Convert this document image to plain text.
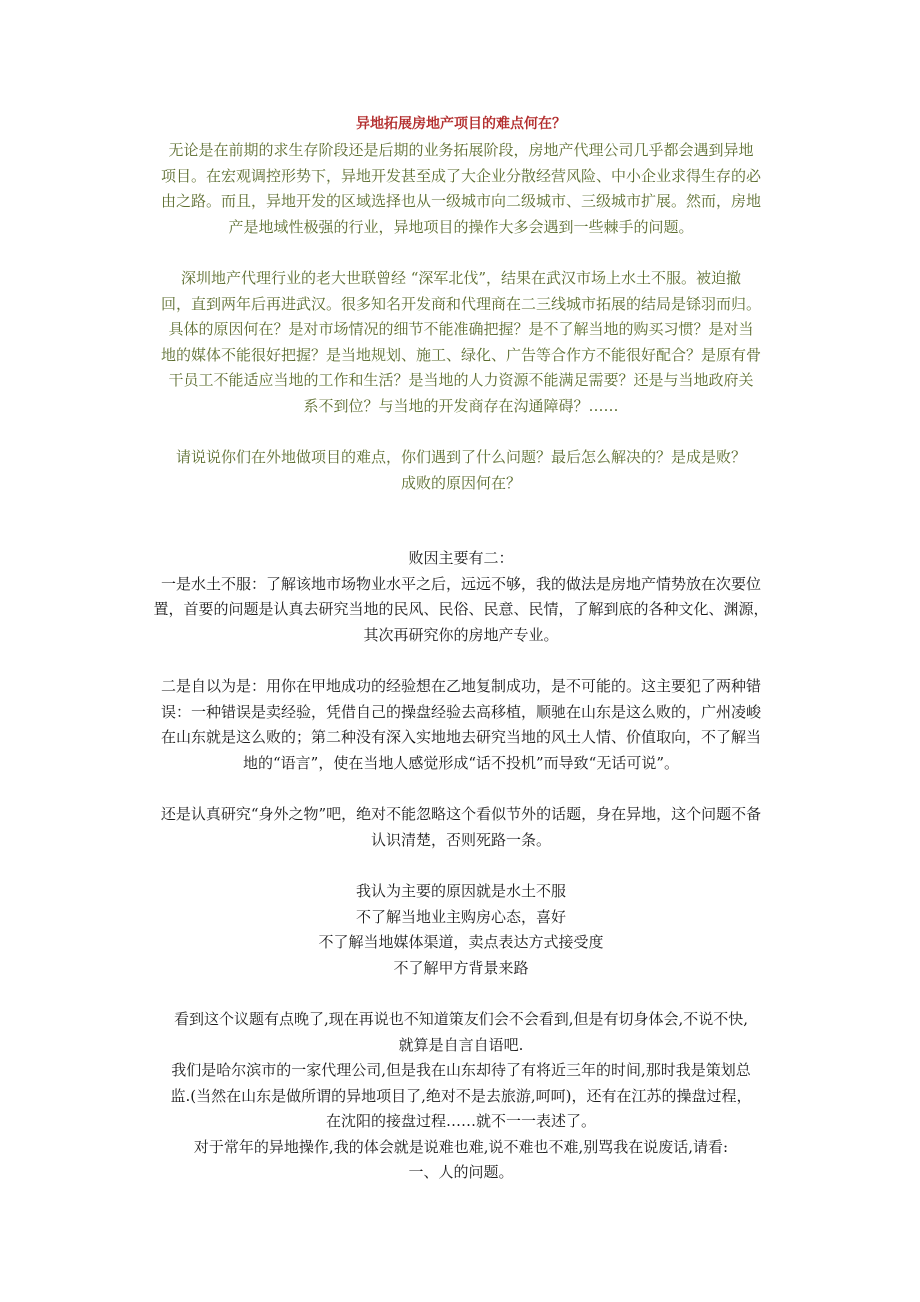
异地拓展房地产项目的难点何在？

无论是在前期的求生存阶段还是后期的业务拓展阶段，房地产代理公司几乎都会遇到异地

项目。在宏观调控形势下，异地开发甚至成了大企业分散经营风险、中小企业求得生存的必

由之路。而且，异地开发的区域选择也从一级城市向二级城市、三级城市扩展。然而，房地

产是地域性极强的行业，异地项目的操作大多会遇到一些棘手的问题。

深圳地产代理行业的老大世联曾经 “深军北伐”，结果在武汉市场上水土不服。被迫撤

回，直到两年后再进武汉。很多知名开发商和代理商在二三线城市拓展的结局是铩羽而归。

具体的原因何在？是对市场情况的细节不能准确把握？是不了解当地的购买习惯？是对当

地的媒体不能很好把握？是当地规划、施工、绿化、广告等合作方不能很好配合？是原有骨

干员工不能适应当地的工作和生活？是当地的人力资源不能满足需要？还是与当地政府关

系不到位？与当地的开发商存在沟通障碍？……

请说说你们在外地做项目的难点，你们遇到了什么问题？最后怎么解决的？是成是败？

成败的原因何在？

败因主要有二：

一是水土不服：了解该地市场物业水平之后，远远不够，我的做法是房地产情势放在次要位

置，首要的问题是认真去研究当地的民风、民俗、民意、民情，了解到底的各种文化、渊源，

其次再研究你的房地产专业。

二是自以为是：用你在甲地成功的经验想在乙地复制成功，是不可能的。这主要犯了两种错

误：一种错误是卖经验，凭借自己的操盘经验去高移植，顺驰在山东是这么败的，广州凌峻

在山东就是这么败的；第二种没有深入实地地去研究当地的风土人情、价值取向，不了解当

地的“语言”，使在当地人感觉形成“话不投机”而导致“无话可说”。

还是认真研究“身外之物”吧，绝对不能忽略这个看似节外的话题，身在异地，这个问题不备

认识清楚，否则死路一条。

我认为主要的原因就是水土不服

不了解当地业主购房心态，喜好

不了解当地媒体渠道，卖点表达方式接受度

不了解甲方背景来路

看到这个议题有点晚了,现在再说也不知道策友们会不会看到,但是有切身体会,不说不快,

就算是自言自语吧.

我们是哈尔滨市的一家代理公司,但是我在山东却待了有将近三年的时间,那时我是策划总

监.(当然在山东是做所谓的异地项目了,绝对不是去旅游,呵呵)，还有在江苏的操盘过程，

在沈阳的接盘过程……就不一一表述了。

对于常年的异地操作,我的体会就是说难也难,说不难也不难,别骂我在说废话,请看:

一、人的问题。
